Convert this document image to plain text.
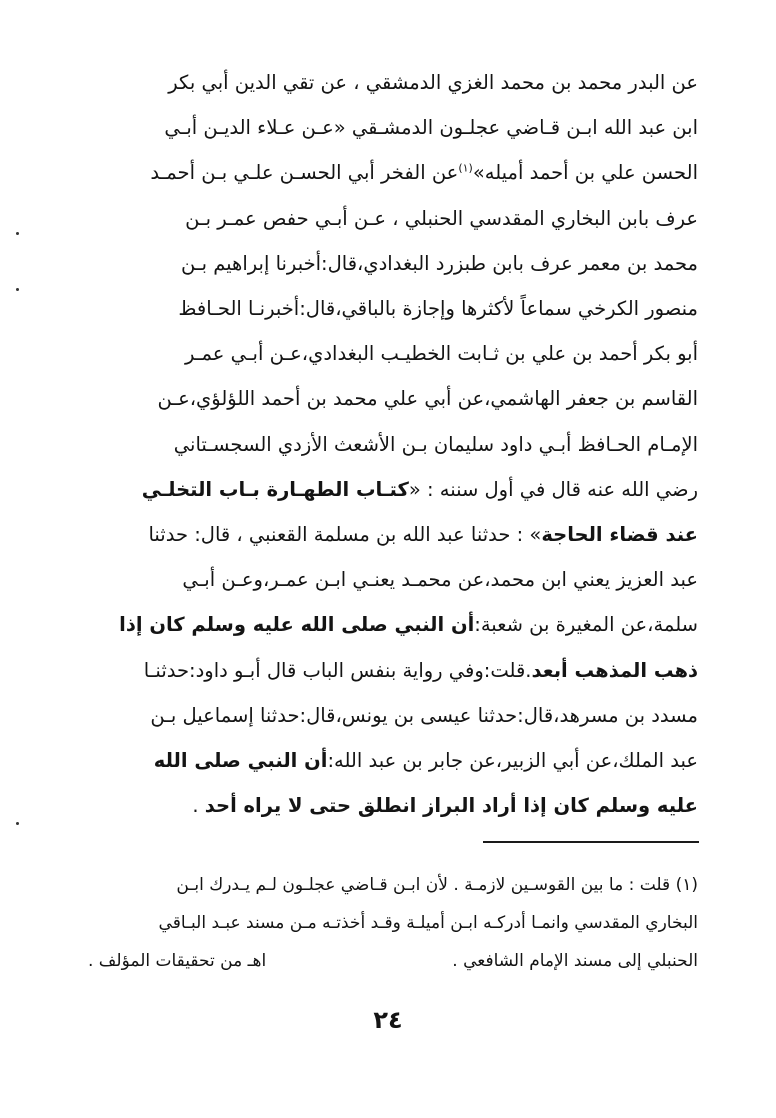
عن البدر محمد بن محمد الغزي الدمشقي ، عن تقي الدين أبي بكر
ابن عبد الله ابـن قـاضي عجلـون الدمشـقي «عـن عـلاء الديـن أبـي
الحسن علي بن أحمد أميله»$^{(١)}$عن الفخر أبي الحسـن علـي بـن أحمـد
عرف بابن البخاري المقدسي الحنبلي ، عـن أبـي حفص عمـر بـن
محمد بن معمر عرف بابن طبزرد البغدادي،قال:أخبرنا إبراهيم بـن
منصور الكرخي سماعاً لأكثرها وإجازة بالباقي،قال:أخبرنـا الحـافظ
أبو بكر أحمد بن علي بن ثـابت الخطيـب البغدادي،عـن أبـي عمـر
القاسم بن جعفر الهاشمي،عن أبي علي محمد بن أحمد اللؤلؤي،عـن
الإمـام الحـافظ أبـي داود سليمان بـن الأشعث الأزدي السجسـتاني
رضي الله عنه قال في أول سننه : «كتـاب الطهـارة بـاب التخلـي
عند قضاء الحاجة» : حدثنا عبد الله بن مسلمة القعنبي ، قال: حدثنا
عبد العزيز يعني ابن محمد،عن محمـد يعنـي ابـن عمـر،وعـن أبـي
سلمة،عن المغيرة بن شعبة:أن النبي صلى الله عليه وسلم كان إذا
ذهب المذهب أبعد.قلت:وفي رواية بنفس الباب قال أبـو داود:حدثنـا
مسدد بن مسرهد،قال:حدثنا عيسى بن يونس،قال:حدثنا إسماعيل بـن
عبد الملك،عن أبي الزبير،عن جابر بن عبد الله:أن النبي صلى الله
عليه وسلم كان إذا أراد البراز انطلق حتى لا يراه أحد .
(١) قلت : ما بين القوسـين لازمـة . لأن ابـن قـاضي عجلـون لـم يـدرك ابـن
البخاري المقدسي وانمـا أدركـه ابـن أميلـة وقـد أخذتـه مـن مسند عبـد البـاقي
الحنبلي إلى مسند الإمام الشافعي .
اهـ من تحقيقات المؤلف .
٢٤
